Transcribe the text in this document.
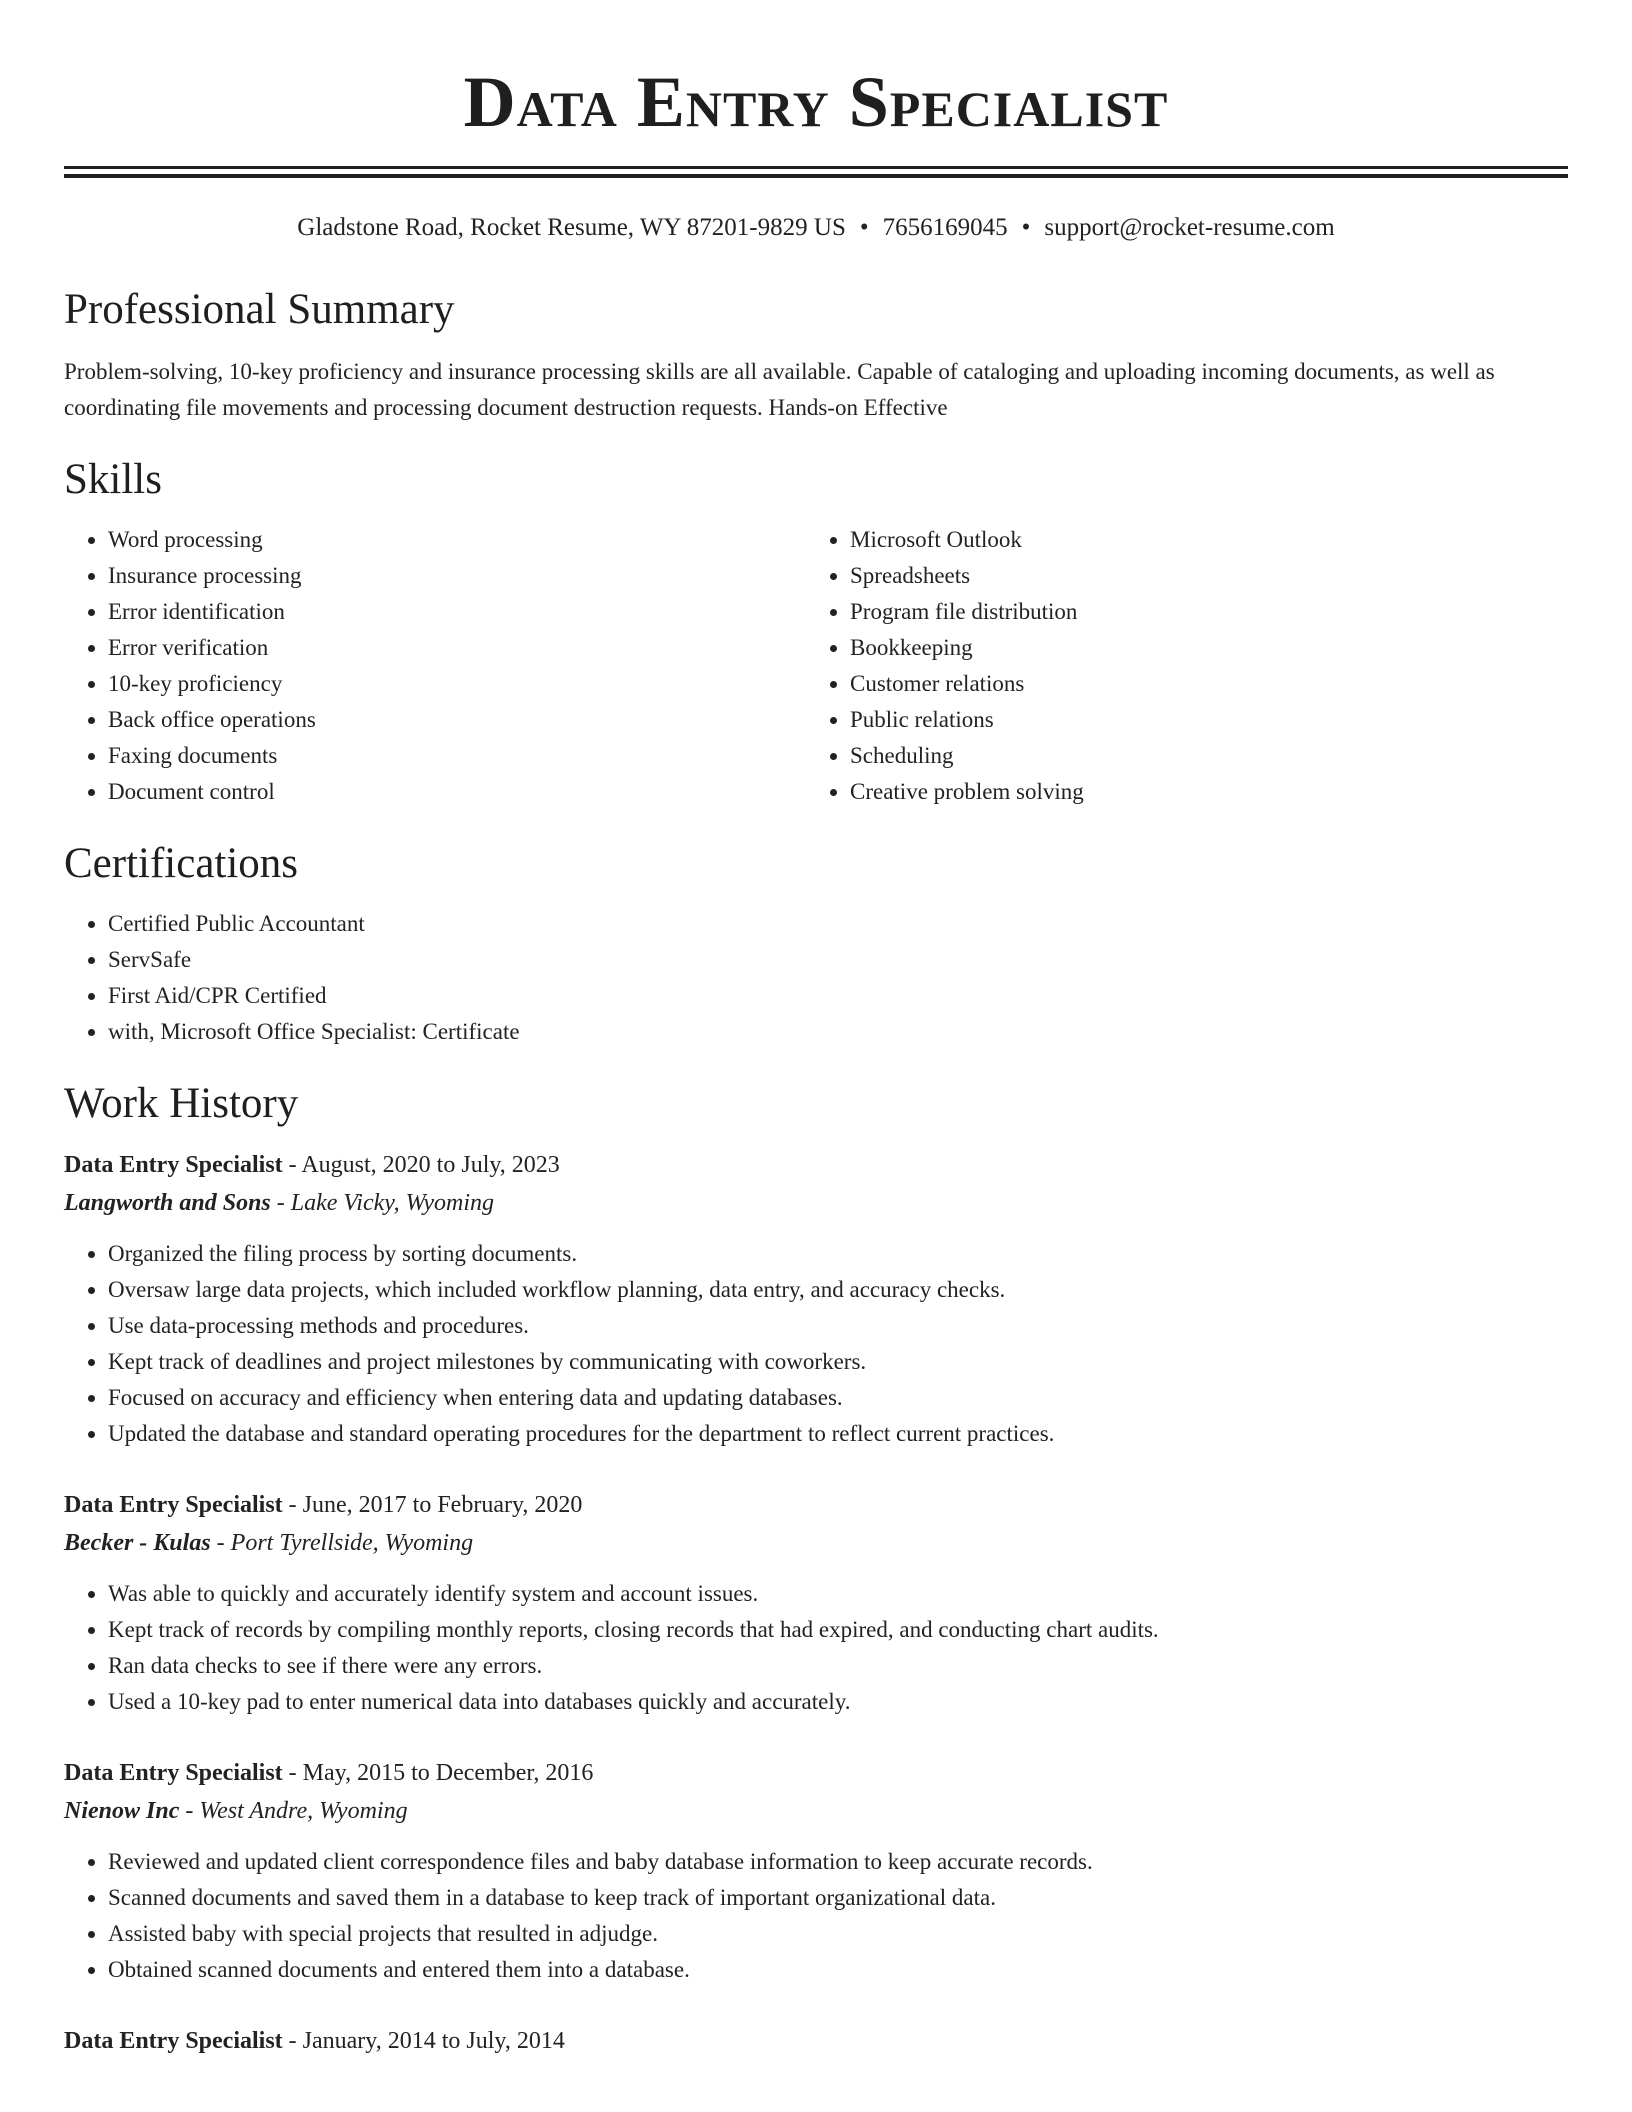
Data Entry Specialist
Gladstone Road, Rocket Resume, WY 87201-9829 US • 7656169045 • support@rocket-resume.com
Professional Summary

Problem-solving, 10-key proficiency and insurance processing skills are all available. Capable of cataloging and uploading incoming documents, as well as coordinating file movements and processing document destruction requests. Hands-on Effective

Skills
• Word processing
• Insurance processing
• Error identification
• Error verification
• 10-key proficiency
• Back office operations
• Faxing documents
• Document control
• Microsoft Outlook
• Spreadsheets
• Program file distribution
• Bookkeeping
• Customer relations
• Public relations
• Scheduling
• Creative problem solving
Certifications
• Certified Public Accountant
• ServSafe
• First Aid/CPR Certified
• with, Microsoft Office Specialist: Certificate
Work History
Data Entry Specialist - August, 2020 to July, 2023
Langworth and Sons - Lake Vicky, Wyoming
• Organized the filing process by sorting documents.
• Oversaw large data projects, which included workflow planning, data entry, and accuracy checks.
• Use data-processing methods and procedures.
• Kept track of deadlines and project milestones by communicating with coworkers.
• Focused on accuracy and efficiency when entering data and updating databases.
• Updated the database and standard operating procedures for the department to reflect current practices.
Data Entry Specialist - June, 2017 to February, 2020
Becker - Kulas - Port Tyrellside, Wyoming
• Was able to quickly and accurately identify system and account issues.
• Kept track of records by compiling monthly reports, closing records that had expired, and conducting chart audits.
• Ran data checks to see if there were any errors.
• Used a 10-key pad to enter numerical data into databases quickly and accurately.
Data Entry Specialist - May, 2015 to December, 2016
Nienow Inc - West Andre, Wyoming
• Reviewed and updated client correspondence files and baby database information to keep accurate records.
• Scanned documents and saved them in a database to keep track of important organizational data.
• Assisted baby with special projects that resulted in adjudge.
• Obtained scanned documents and entered them into a database.
Data Entry Specialist - January, 2014 to July, 2014
